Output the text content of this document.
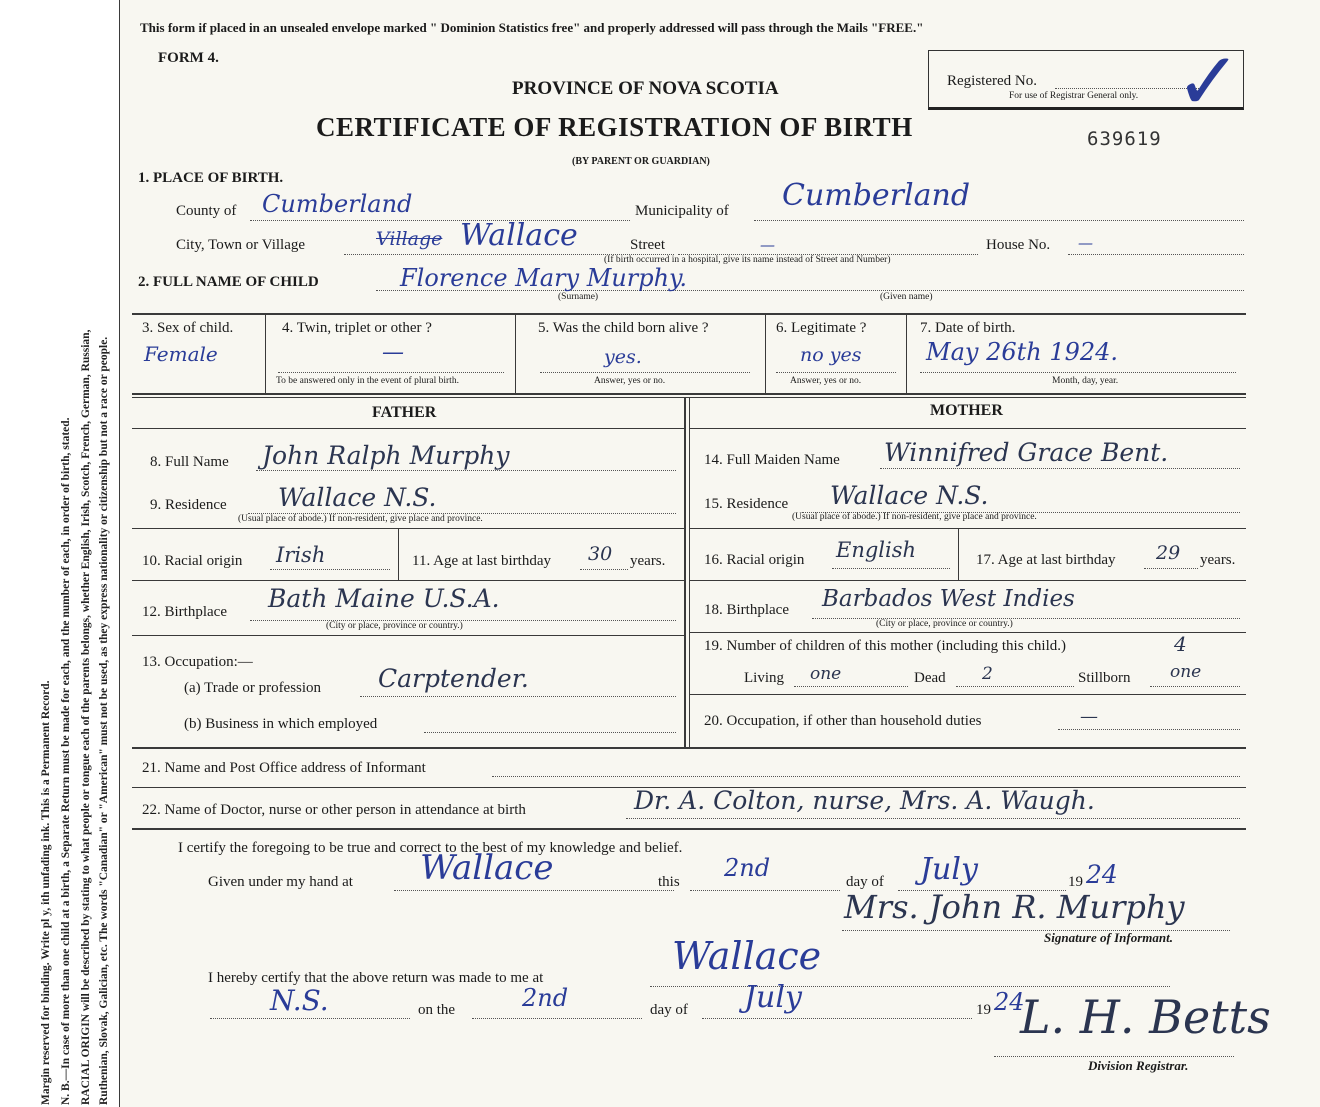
Margin reserved for binding. Write pl y, ith unfading ink. This is a Permanent Record. N. B.—In case of more than one child at a birth, a Separate Return must be made for each, and the number of each, in order of birth, stated. RACIAL ORIGIN will be described by stating to what people or tongue each of the parents belongs, whether English, Irish, Scotch, French, German, Russian, Ruthenian, Slovak, Galician, etc. The words "Canadian" or "American" must not be used, as they express nationality or citizenship but not a race or people.
This form if placed in an unsealed envelope marked " Dominion Statistics free" and properly addressed will pass through the Mails "FREE."
FORM 4.
PROVINCE OF NOVA SCOTIA
CERTIFICATE OF REGISTRATION OF BIRTH
(BY PARENT OR GUARDIAN)
Registered No.
For use of Registrar General only. ✓
639619
1. PLACE OF BIRTH.
County of Cumberland	Municipality of Cumberland
City, Town or Village	Village Wallace	Street	—
(If birth occurred in a hospital, give its name instead of Street and Number)
House No. —
2. FULL NAME OF CHILD	Florence Mary Murphy.
(Surname)	(Given name)
3. Sex of child.
Female
4. Twin, triplet or other ?
—
To be answered only in the event of plural birth.
5. Was the child born alive ?
yes.
Answer, yes or no.
6. Legitimate ?
no yes
Answer, yes or no.
7. Date of birth.
May 26th 1924.
Month, day, year.
FATHER	MOTHER
8. Full Name John Ralph Murphy
9. Residence Wallace N.S.
(Usual place of abode.) If non-resident, give place and province.
10. Racial origin Irish	11. Age at last birthday 30 years.
12. Birthplace Bath Maine U.S.A.
(City or place, province or country.)
13. Occupation:—
(a) Trade or profession Carptender.
(b) Business in which employed
14. Full Maiden Name Winnifred Grace Bent.
15. Residence Wallace N.S.
(Usual place of abode.) If non-resident, give place and province.
16. Racial origin English	17. Age at last birthday 29 years.
18. Birthplace Barbados West Indies
(City or place, province or country.)
19. Number of children of this mother (including this child.)	4
Living one	Dead 2	Stillborn one
20. Occupation, if other than household duties	—
21. Name and Post Office address of Informant
22. Name of Doctor, nurse or other person in attendance at birth	Dr. A. Colton, nurse, Mrs. A. Waugh.
I certify the foregoing to be true and correct to the best of my knowledge and belief.
Given under my hand at Wallace	this 2nd	day of July	19 24
Mrs. John R. Murphy
Signature of Informant.
I hereby certify that the above return was made to me at	Wallace
N.S.	on the	2nd	day of July	19 24
L. H. Betts
Division Registrar.
